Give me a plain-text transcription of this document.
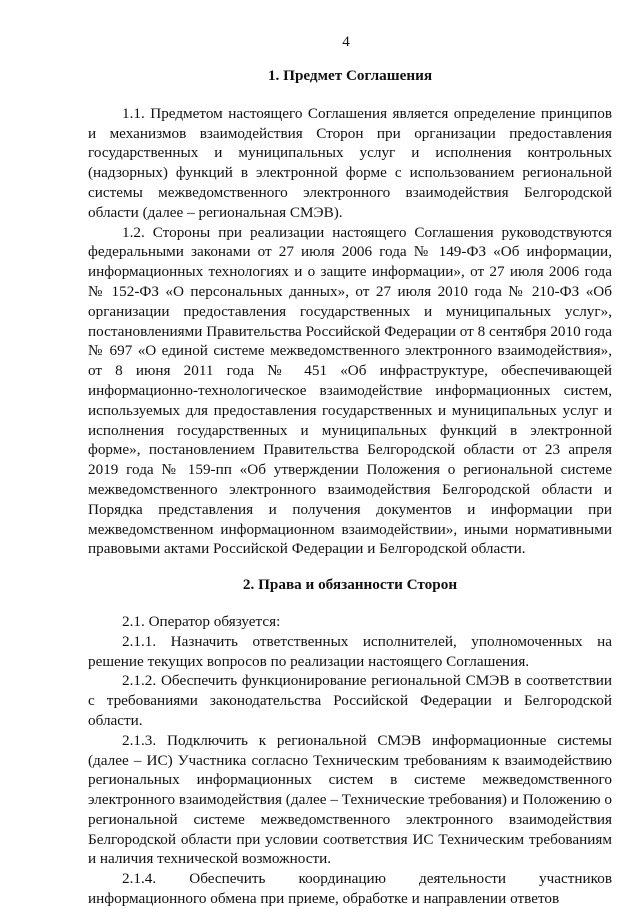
4

1. Предмет Соглашения

1.1. Предметом настоящего Соглашения является определение принципов и механизмов взаимодействия Сторон при организации предоставления государственных и муниципальных услуг и исполнения контрольных (надзорных) функций в электронной форме с использованием региональной системы межведомственного электронного взаимодействия Белгородской области (далее – региональная СМЭВ).

1.2. Стороны при реализации настоящего Соглашения руководствуются федеральными законами от 27 июля 2006 года № 149-ФЗ «Об информации, информационных технологиях и о защите информации», от 27 июля 2006 года № 152-ФЗ «О персональных данных», от 27 июля 2010 года № 210-ФЗ «Об организации предоставления государственных и муниципальных услуг», постановлениями Правительства Российской Федерации от 8 сентября 2010 года № 697 «О единой системе межведомственного электронного взаимодействия», от 8 июня 2011 года № 451 «Об инфраструктуре, обеспечивающей информационно-технологическое взаимодействие информационных систем, используемых для предоставления государственных и муниципальных услуг и исполнения государственных и муниципальных функций в электронной форме», постановлением Правительства Белгородской области от 23 апреля 2019 года № 159-пп «Об утверждении Положения о региональной системе межведомственного электронного взаимодействия Белгородской области и Порядка представления и получения документов и информации при межведомственном информационном взаимодействии», иными нормативными правовыми актами Российской Федерации и Белгородской области.

2. Права и обязанности Сторон

2.1. Оператор обязуется:

2.1.1. Назначить ответственных исполнителей, уполномоченных на решение текущих вопросов по реализации настоящего Соглашения.

2.1.2. Обеспечить функционирование региональной СМЭВ в соответствии с требованиями законодательства Российской Федерации и Белгородской области.

2.1.3. Подключить к региональной СМЭВ информационные системы (далее – ИС) Участника согласно Техническим требованиям к взаимодействию региональных информационных систем в системе межведомственного электронного взаимодействия (далее – Технические требования) и Положению о региональной системе межведомственного электронного взаимодействия Белгородской области при условии соответствия ИС Техническим требованиям и наличия технической возможности.

2.1.4. Обеспечить координацию деятельности участников информационного обмена при приеме, обработке и направлении ответов
